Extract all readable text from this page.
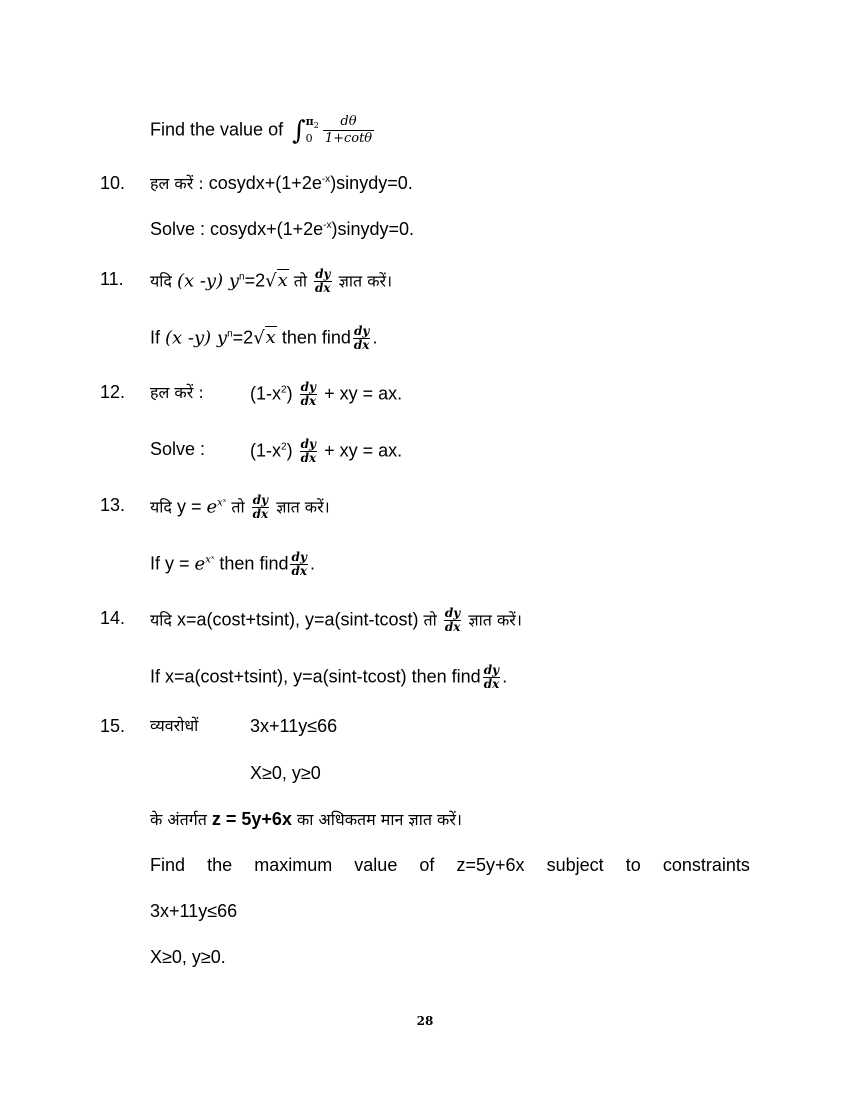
Find the value of ∫ $\pi_2$
$0 \frac{d\theta}{1+\cot\theta}$
10. हल करें : $cosydx+(1+2e^{-x})sinydy=0$.
Solve : $cosydx+(1+2e^{-x})sinydy=0$.
11. यदि (x -y) $y^n=2√x$ तो $\frac{dy}{dx}$ ज्ञात करें।
If (x -y) $y^n=2√x$ then find $\frac{dy}{dx}$ .
12. हल करें :	$(1-x^2) \frac{dy}{dx}$ + xy = ax.
Solve : $(1-x^2) \frac{dy}{dx}$ + xy = ax.
13. यदि $y = e^{xˣ}$ तो $\frac{dy}{dx}$ ज्ञात करें।
If $y = e^{xˣ}$ then find $\frac{dy}{dx}$ .
14. यदि x=a(cost+tsint), y=a(sint-tcost) तो $\frac{dy}{dx}$ ज्ञात करें।
If x=a(cost+tsint), y=a(sint-tcost) then find $\frac{dy}{dx}$ .
15. व्यवरोधों	3x+11y≤66
X≥0, y≥0
के अंतर्गत z = 5y+6x का अधिकतम मान ज्ञात करें।
Find the maximum value of z=5y+6x subject to constraints
3x+11y≤66
X≥0, y≥0.
28
